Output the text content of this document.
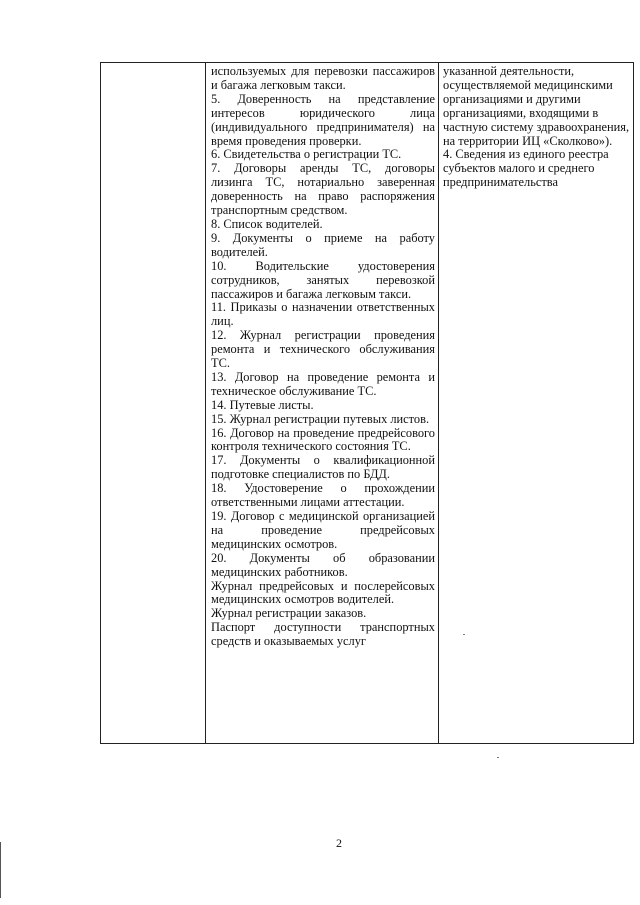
используемых для перевозки пассажиров и багажа легковым такси.

5. Доверенность на представление интересов юридического лица (индивидуального предпринимателя) на время проведения проверки.

6. Свидетельства о регистрации ТС.

7. Договоры аренды ТС, договоры лизинга ТС, нотариально заверенная доверенность на право распоряжения транспортным средством.

8. Список водителей.

9. Документы о приеме на работу водителей.

10. Водительские удостоверения сотрудников, занятых перевозкой пассажиров и багажа легковым такси.

11. Приказы о назначении ответственных лиц.

12. Журнал регистрации проведения ремонта и технического обслуживания ТС.

13. Договор на проведение ремонта и техническое обслуживание ТС.

14. Путевые листы.

15. Журнал регистрации путевых листов.

16. Договор на проведение предрейсового контроля технического состояния ТС.

17. Документы о квалификационной подготовке специалистов по БДД.

18. Удостоверение о прохождении ответственными лицами аттестации.

19. Договор с медицинской организацией на проведение предрейсовых медицинских осмотров.

20. Документы об образовании медицинских работников.

Журнал предрейсовых и послерейсовых медицинских осмотров водителей.

Журнал регистрации заказов.

Паспорт доступности транспортных средств и оказываемых услуг

указанной деятельности, осуществляемой медицинскими организациями и другими организациями, входящими в частную систему здравоохранения, на территории ИЦ «Сколково»).

4. Сведения из единого реестра субъектов малого и среднего предпринимательства

2
